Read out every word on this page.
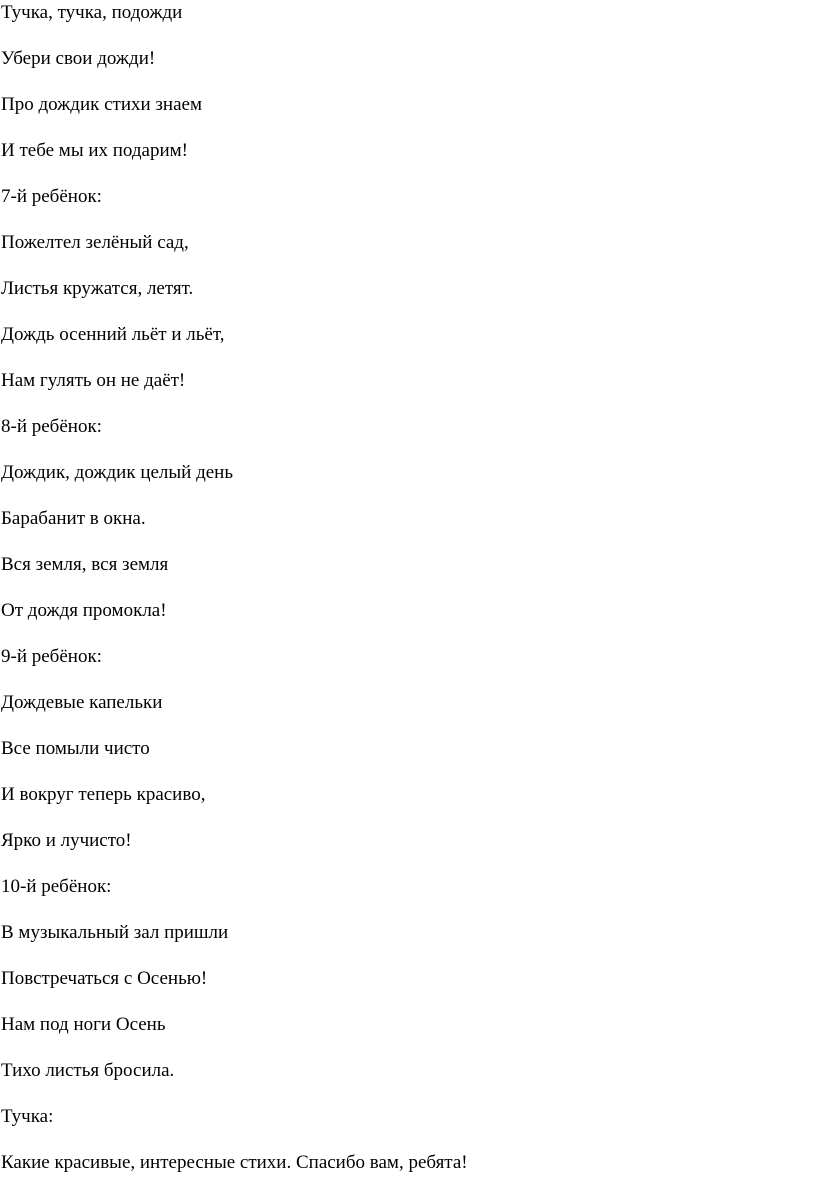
Тучка, тучка, подожди

Убери свои дожди!

Про дождик стихи знаем

И тебе мы их подарим!

7-й ребёнок:

Пожелтел зелёный сад,

Листья кружатся, летят.

Дождь осенний льёт и льёт,

Нам гулять он не даёт!

8-й ребёнок:

Дождик, дождик целый день

Барабанит в окна.

Вся земля, вся земля

От дождя промокла!

9-й ребёнок:

Дождевые капельки

Все помыли чисто

И вокруг теперь красиво,

Ярко и лучисто!

10-й ребёнок:

В музыкальный зал пришли

Повстречаться с Осенью!

Нам под ноги Осень

Тихо листья бросила.

Тучка:

Какие красивые, интересные стихи. Спасибо вам, ребята!
